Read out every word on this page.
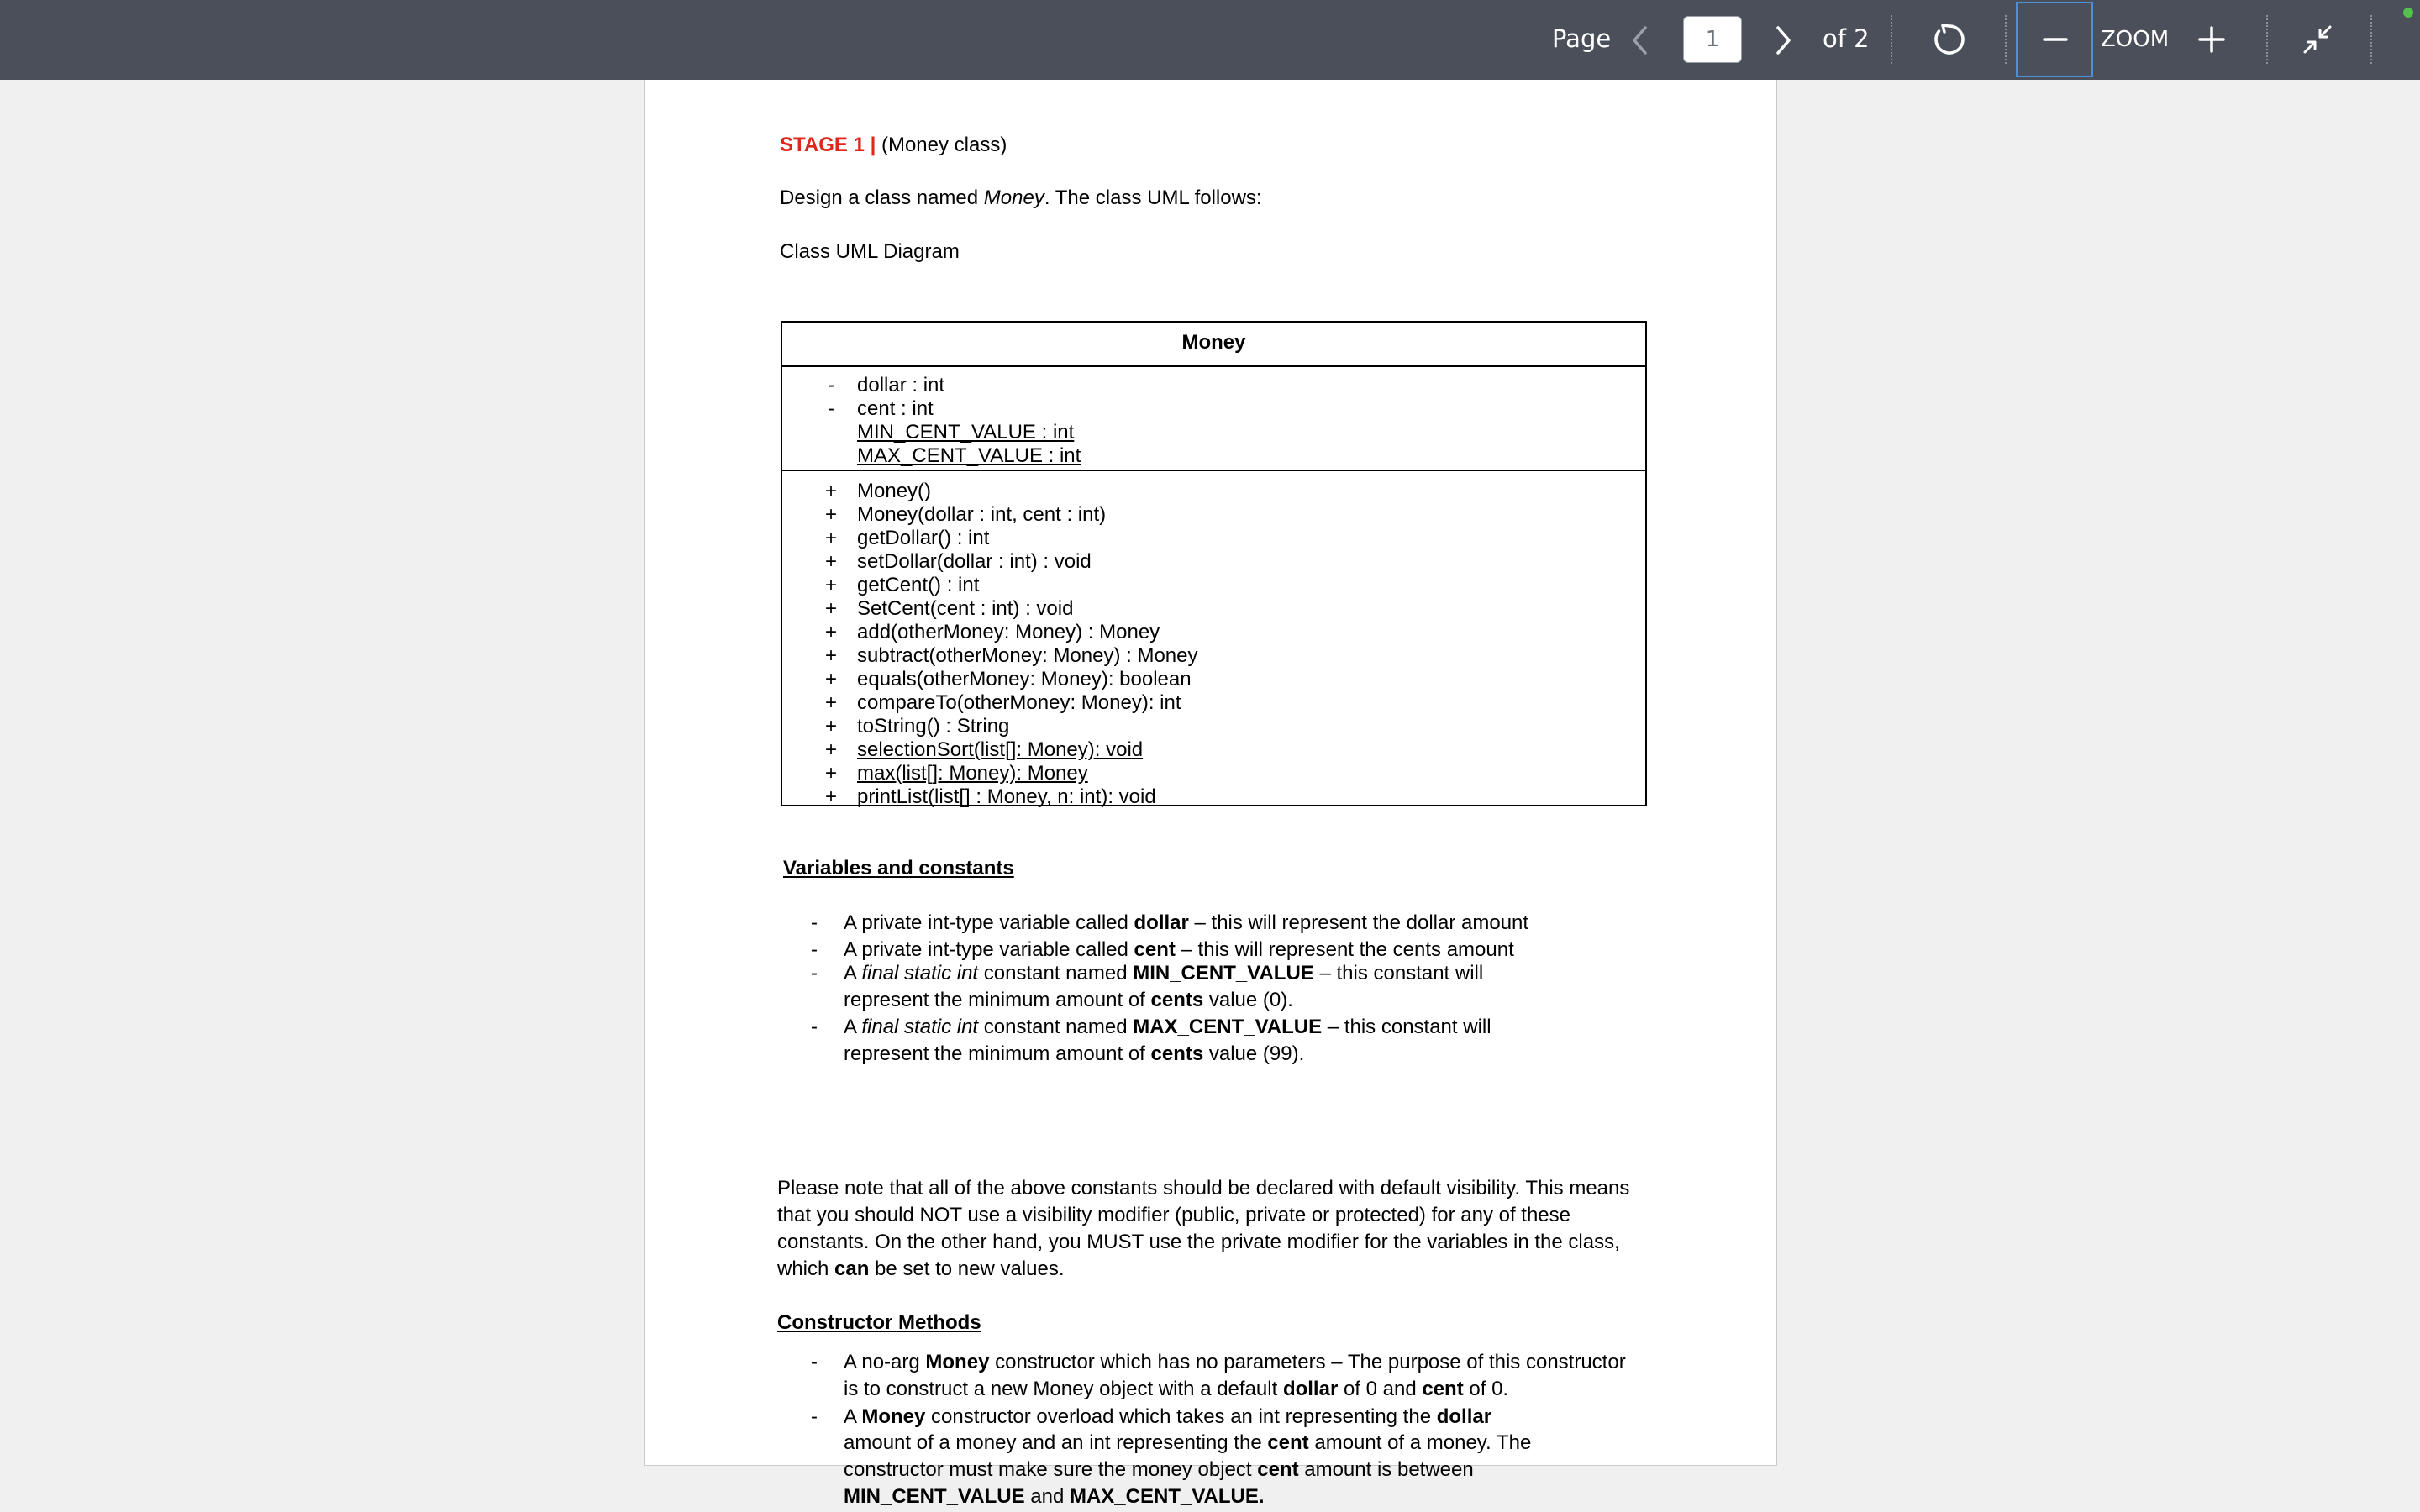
Page	1	of 2	ZOOM
STAGE 1 | (Money class)
Design a class named Money. The class UML follows:
Class UML Diagram
Money
- dollar : int
- cent : int
MIN_CENT_VALUE : int
MAX_CENT_VALUE : int
+ Money()
+ Money(dollar : int, cent : int)
+ getDollar() : int
+ setDollar(dollar : int) : void
+ getCent() : int
+ SetCent(cent : int) : void
+ add(otherMoney: Money) : Money
+ subtract(otherMoney: Money) : Money
+ equals(otherMoney: Money): boolean
+ compareTo(otherMoney: Money): int
+ toString() : String
+ selectionSort(list[]: Money): void
+ max(list[]: Money): Money
+ printList(list[] : Money, n: int): void
Variables and constants
- A private int-type variable called dollar – this will represent the dollar amount
- A private int-type variable called cent – this will represent the cents amount
- A final static int constant named MIN_CENT_VALUE – this constant will
represent the minimum amount of cents value (0).
- A final static int constant named MAX_CENT_VALUE – this constant will
represent the minimum amount of cents value (99).
Please note that all of the above constants should be declared with default visibility. This means
that you should NOT use a visibility modifier (public, private or protected) for any of these
constants. On the other hand, you MUST use the private modifier for the variables in the class,
which can be set to new values.
Constructor Methods
- A no-arg Money constructor which has no parameters – The purpose of this constructor
is to construct a new Money object with a default dollar of 0 and cent of 0.
- A Money constructor overload which takes an int representing the dollar
amount of a money and an int representing the cent amount of a money. The
constructor must make sure the money object cent amount is between
MIN_CENT_VALUE and MAX_CENT_VALUE.
